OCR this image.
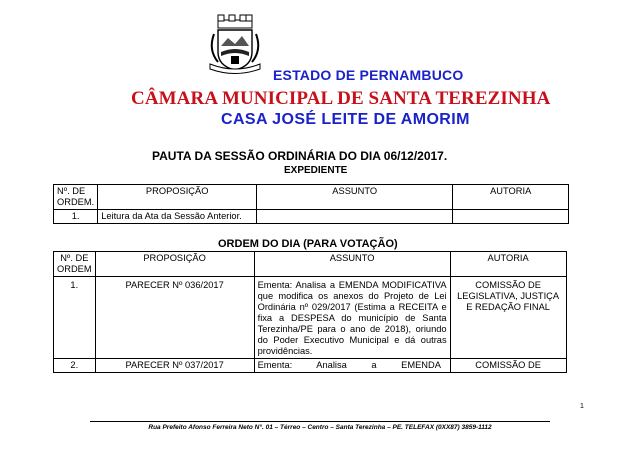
ESTADO DE PERNAMBUCO
CÂMARA MUNICIPAL DE SANTA TEREZINHA
CASA JOSÉ LEITE DE AMORIM
PAUTA DA SESSÃO ORDINÁRIA DO DIA 06/12/2017.
EXPEDIENTE
Nº. DE ORDEM.	PROPOSIÇÃO	ASSUNTO	AUTORIA
1.	Leitura da Ata da Sessão Anterior.		
ORDEM DO DIA (PARA VOTAÇÃO)
Nº. DE ORDEM	PROPOSIÇÃO	ASSUNTO	AUTORIA
1.	PARECER Nº 036/2017	Ementa: Analisa a EMENDA MODIFICATIVA que modifica os anexos do Projeto de Lei Ordinária nº 029/2017 (Estima a RECEITA e fixa a DESPESA do município de Santa Terezinha/PE para o ano de 2018), oriundo do Poder Executivo Municipal e dá outras providências.	COMISSÃO DE LEGISLATIVA, JUSTIÇA E REDAÇÃO FINAL
2.	PARECER Nº 037/2017	Ementa: Analisa a EMENDA	COMISSÃO DE
1
Rua Prefeito Afonso Ferreira Neto N°. 01 – Térreo – Centro – Santa Terezinha – PE. TELEFAX (0XX87) 3859-1112
